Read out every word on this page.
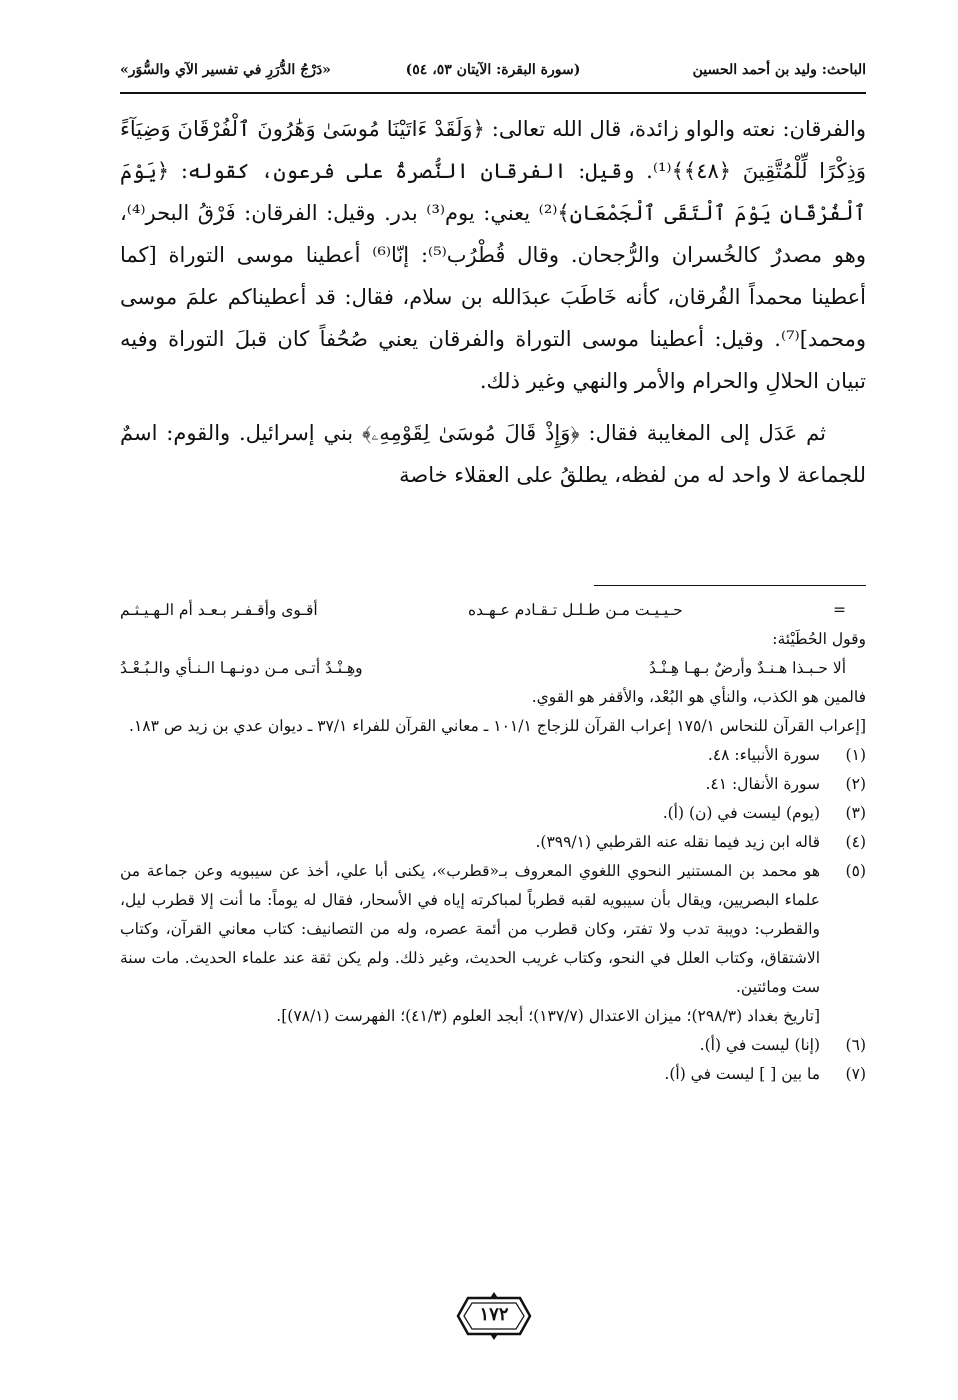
الباحث: وليد بن أحمد الحسين
(سورة البقرة: الآيتان ٥٣، ٥٤)
«دَرْجُ الدُّرَرِ في تفسير الآي والسُّوَر»

والفرقان: نعته والواو زائدة، قال الله تعالى: ﴿وَلَقَدْ ءَاتَيْنَا مُوسَىٰ وَهَٰرُونَ ٱلْفُرْقَانَ وَضِيَآءً وَذِكْرًا لِّلْمُتَّقِينَ ﴿٤٨﴾﴾⁽¹⁾. وقيل: الفرقان النُّصرةُ على فرعون، كقوله: ﴿يَوْمَ ٱلْفُرْقَانِ يَوْمَ ٱلْتَقَى ٱلْجَمْعَانِ﴾⁽²⁾ يعني: يوم⁽³⁾ بدر. وقيل: الفرقان: فَرْقُ البحر⁽⁴⁾، وهو مصدرٌ كالخُسران والرُّجحان. وقال قُطْرُب⁽⁵⁾: إنّا⁽⁶⁾ أعطينا موسى التوراة [كما أعطينا محمداً الفُرقان، كأنه خَاطَبَ عبدَالله بن سلام، فقال: قد أعطيناكم علمَ موسى ومحمد]⁽⁷⁾. وقيل: أعطينا موسى التوراة والفرقان يعني صُحُفاً كان قبلَ التوراة وفيه تبيان الحلالِ والحرام والأمر والنهي وغير ذلك.

ثم عَدَل إلى المغايبة فقال: ﴿وَإِذْ قَالَ مُوسَىٰ لِقَوْمِهِۦ﴾ بني إسرائيل. والقوم: اسمٌ للجماعة لا واحد له من لفظه، يطلقُ على العقلاء خاصة

=
حـيـيـت مـن طـلـل تـقـادم عـهـده
أقـوى وأقـفـر بـعـد أم الـهـيـثـم

وقول الحُطَيْئة:

ألا حـبـذا هـنـدٌ وأرضٌ بـهـا هِـنْـدُ
وهِـنْـدٌ أتـى مـن دونـهـا الـنـأي والـبُـعْـدُ

فالمين هو الكذب، والنأي هو البُعْد، والأقفر هو القوي.

[إعراب القرآن للنحاس ١٧٥/١ إعراب القرآن للزجاج ١٠١/١ ـ معاني القرآن للفراء ٣٧/١ ـ ديوان عدي بن زيد ص ١٨٣.

(١)
سورة الأنبياء: ٤٨.
(٢)
سورة الأنفال: ٤١.
(٣)
(يوم) ليست في (ن) (أ).
(٤)
قاله ابن زيد فيما نقله عنه القرطبي (٣٩٩/١).
(٥)
هو محمد بن المستنير النحوي اللغوي المعروف بـ«قطرب»، يكنى أبا علي، أخذ عن سيبويه وعن جماعة من علماء البصريين، ويقال بأن سيبويه لقبه قطرباً لمباكرته إياه في الأسحار، فقال له يوماً: ما أنت إلا قطرب ليل، والقطرب: دويبة تدب ولا تفتر، وكان قطرب من أئمة عصره، وله من التصانيف: كتاب معاني القرآن، وكتاب الاشتقاق، وكتاب العلل في النحو، وكتاب غريب الحديث، وغير ذلك. ولم يكن ثقة عند علماء الحديث. مات سنة ست ومائتين.
[تاريخ بغداد (٢٩٨/٣)؛ ميزان الاعتدال (١٣٧/٧)؛ أبجد العلوم (٤١/٣)؛ الفهرست (٧٨/١)].
(٦)
(إنا) ليست في (أ).
(٧)
ما بين [ ] ليست في (أ).
١٧٢
